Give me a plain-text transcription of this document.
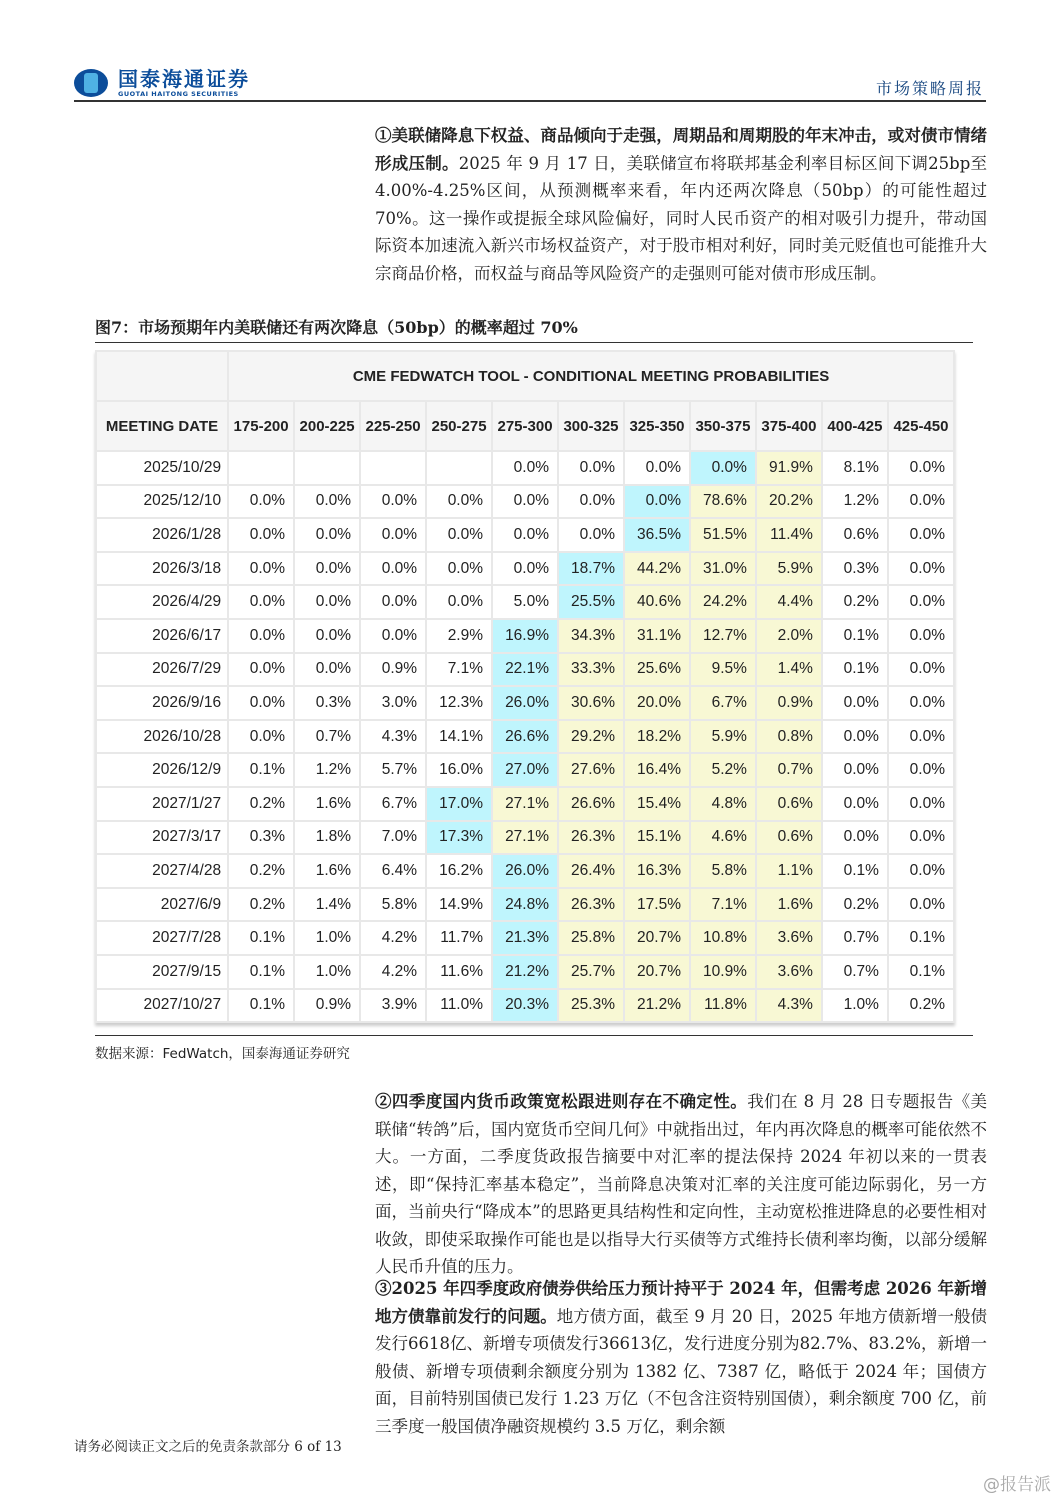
国泰海通证券
GUOTAI HAITONG SECURITIES	市场策略周报
①美联储降息下权益、商品倾向于走强，周期品和周期股的年末冲击，或对债市情绪形成压制。2025 年 9 月 17 日，美联储宣布将联邦基金利率目标区间下调25bp至4.00%-4.25%区间，从预测概率来看，年内还两次降息（50bp）的可能性超过 70%。这一操作或提振全球风险偏好，同时人民币资产的相对吸引力提升，带动国际资本加速流入新兴市场权益资产，对于股市相对利好，同时美元贬值也可能推升大宗商品价格，而权益与商品等风险资产的走强则可能对债市形成压制。
图7：市场预期年内美联储还有两次降息（50bp）的概率超过 70%
	CME FEDWATCH TOOL - CONDITIONAL MEETING PROBABILITIES										
MEETING DATE	175-200	200-225	225-250	250-275	275-300	300-325	325-350	350-375	375-400	400-425	425-450
2025/10/29					0.0%	0.0%	0.0%	0.0%	91.9%	8.1%	0.0%
2025/12/10	0.0%	0.0%	0.0%	0.0%	0.0%	0.0%	0.0%	78.6%	20.2%	1.2%	0.0%
2026/1/28	0.0%	0.0%	0.0%	0.0%	0.0%	0.0%	36.5%	51.5%	11.4%	0.6%	0.0%
2026/3/18	0.0%	0.0%	0.0%	0.0%	0.0%	18.7%	44.2%	31.0%	5.9%	0.3%	0.0%
2026/4/29	0.0%	0.0%	0.0%	0.0%	5.0%	25.5%	40.6%	24.2%	4.4%	0.2%	0.0%
2026/6/17	0.0%	0.0%	0.0%	2.9%	16.9%	34.3%	31.1%	12.7%	2.0%	0.1%	0.0%
2026/7/29	0.0%	0.0%	0.9%	7.1%	22.1%	33.3%	25.6%	9.5%	1.4%	0.1%	0.0%
2026/9/16	0.0%	0.3%	3.0%	12.3%	26.0%	30.6%	20.0%	6.7%	0.9%	0.0%	0.0%
2026/10/28	0.0%	0.7%	4.3%	14.1%	26.6%	29.2%	18.2%	5.9%	0.8%	0.0%	0.0%
2026/12/9	0.1%	1.2%	5.7%	16.0%	27.0%	27.6%	16.4%	5.2%	0.7%	0.0%	0.0%
2027/1/27	0.2%	1.6%	6.7%	17.0%	27.1%	26.6%	15.4%	4.8%	0.6%	0.0%	0.0%
2027/3/17	0.3%	1.8%	7.0%	17.3%	27.1%	26.3%	15.1%	4.6%	0.6%	0.0%	0.0%
2027/4/28	0.2%	1.6%	6.4%	16.2%	26.0%	26.4%	16.3%	5.8%	1.1%	0.1%	0.0%
2027/6/9	0.2%	1.4%	5.8%	14.9%	24.8%	26.3%	17.5%	7.1%	1.6%	0.2%	0.0%
2027/7/28	0.1%	1.0%	4.2%	11.7%	21.3%	25.8%	20.7%	10.8%	3.6%	0.7%	0.1%
2027/9/15	0.1%	1.0%	4.2%	11.6%	21.2%	25.7%	20.7%	10.9%	3.6%	0.7%	0.1%
2027/10/27	0.1%	0.9%	3.9%	11.0%	20.3%	25.3%	21.2%	11.8%	4.3%	1.0%	0.2%
数据来源：FedWatch，国泰海通证券研究
②四季度国内货币政策宽松跟进则存在不确定性。我们在 8 月 28 日专题报告《美联储“转鸽”后，国内宽货币空间几何》中就指出过，年内再次降息的概率可能依然不大。一方面，二季度货政报告摘要中对汇率的提法保持 2024 年初以来的一贯表述，即“保持汇率基本稳定”，当前降息决策对汇率的关注度可能边际弱化，另一方面，当前央行“降成本”的思路更具结构性和定向性，主动宽松推进降息的必要性相对收敛，即使采取操作可能也是以指导大行买债等方式维持长债利率均衡，以部分缓解人民币升值的压力。
③2025 年四季度政府债券供给压力预计持平于 2024 年，但需考虑 2026 年新增地方债靠前发行的问题。地方债方面，截至 9 月 20 日，2025 年地方债新增一般债发行6618亿、新增专项债发行36613亿，发行进度分别为82.7%、83.2%，新增一般债、新增专项债剩余额度分别为 1382 亿、7387 亿，略低于 2024 年；国债方面，目前特别国债已发行 1.23 万亿（不包含注资特别国债），剩余额度 700 亿，前三季度一般国债净融资规模约 3.5 万亿，剩余额
请务必阅读正文之后的免责条款部分 6 of 13
@报告派
